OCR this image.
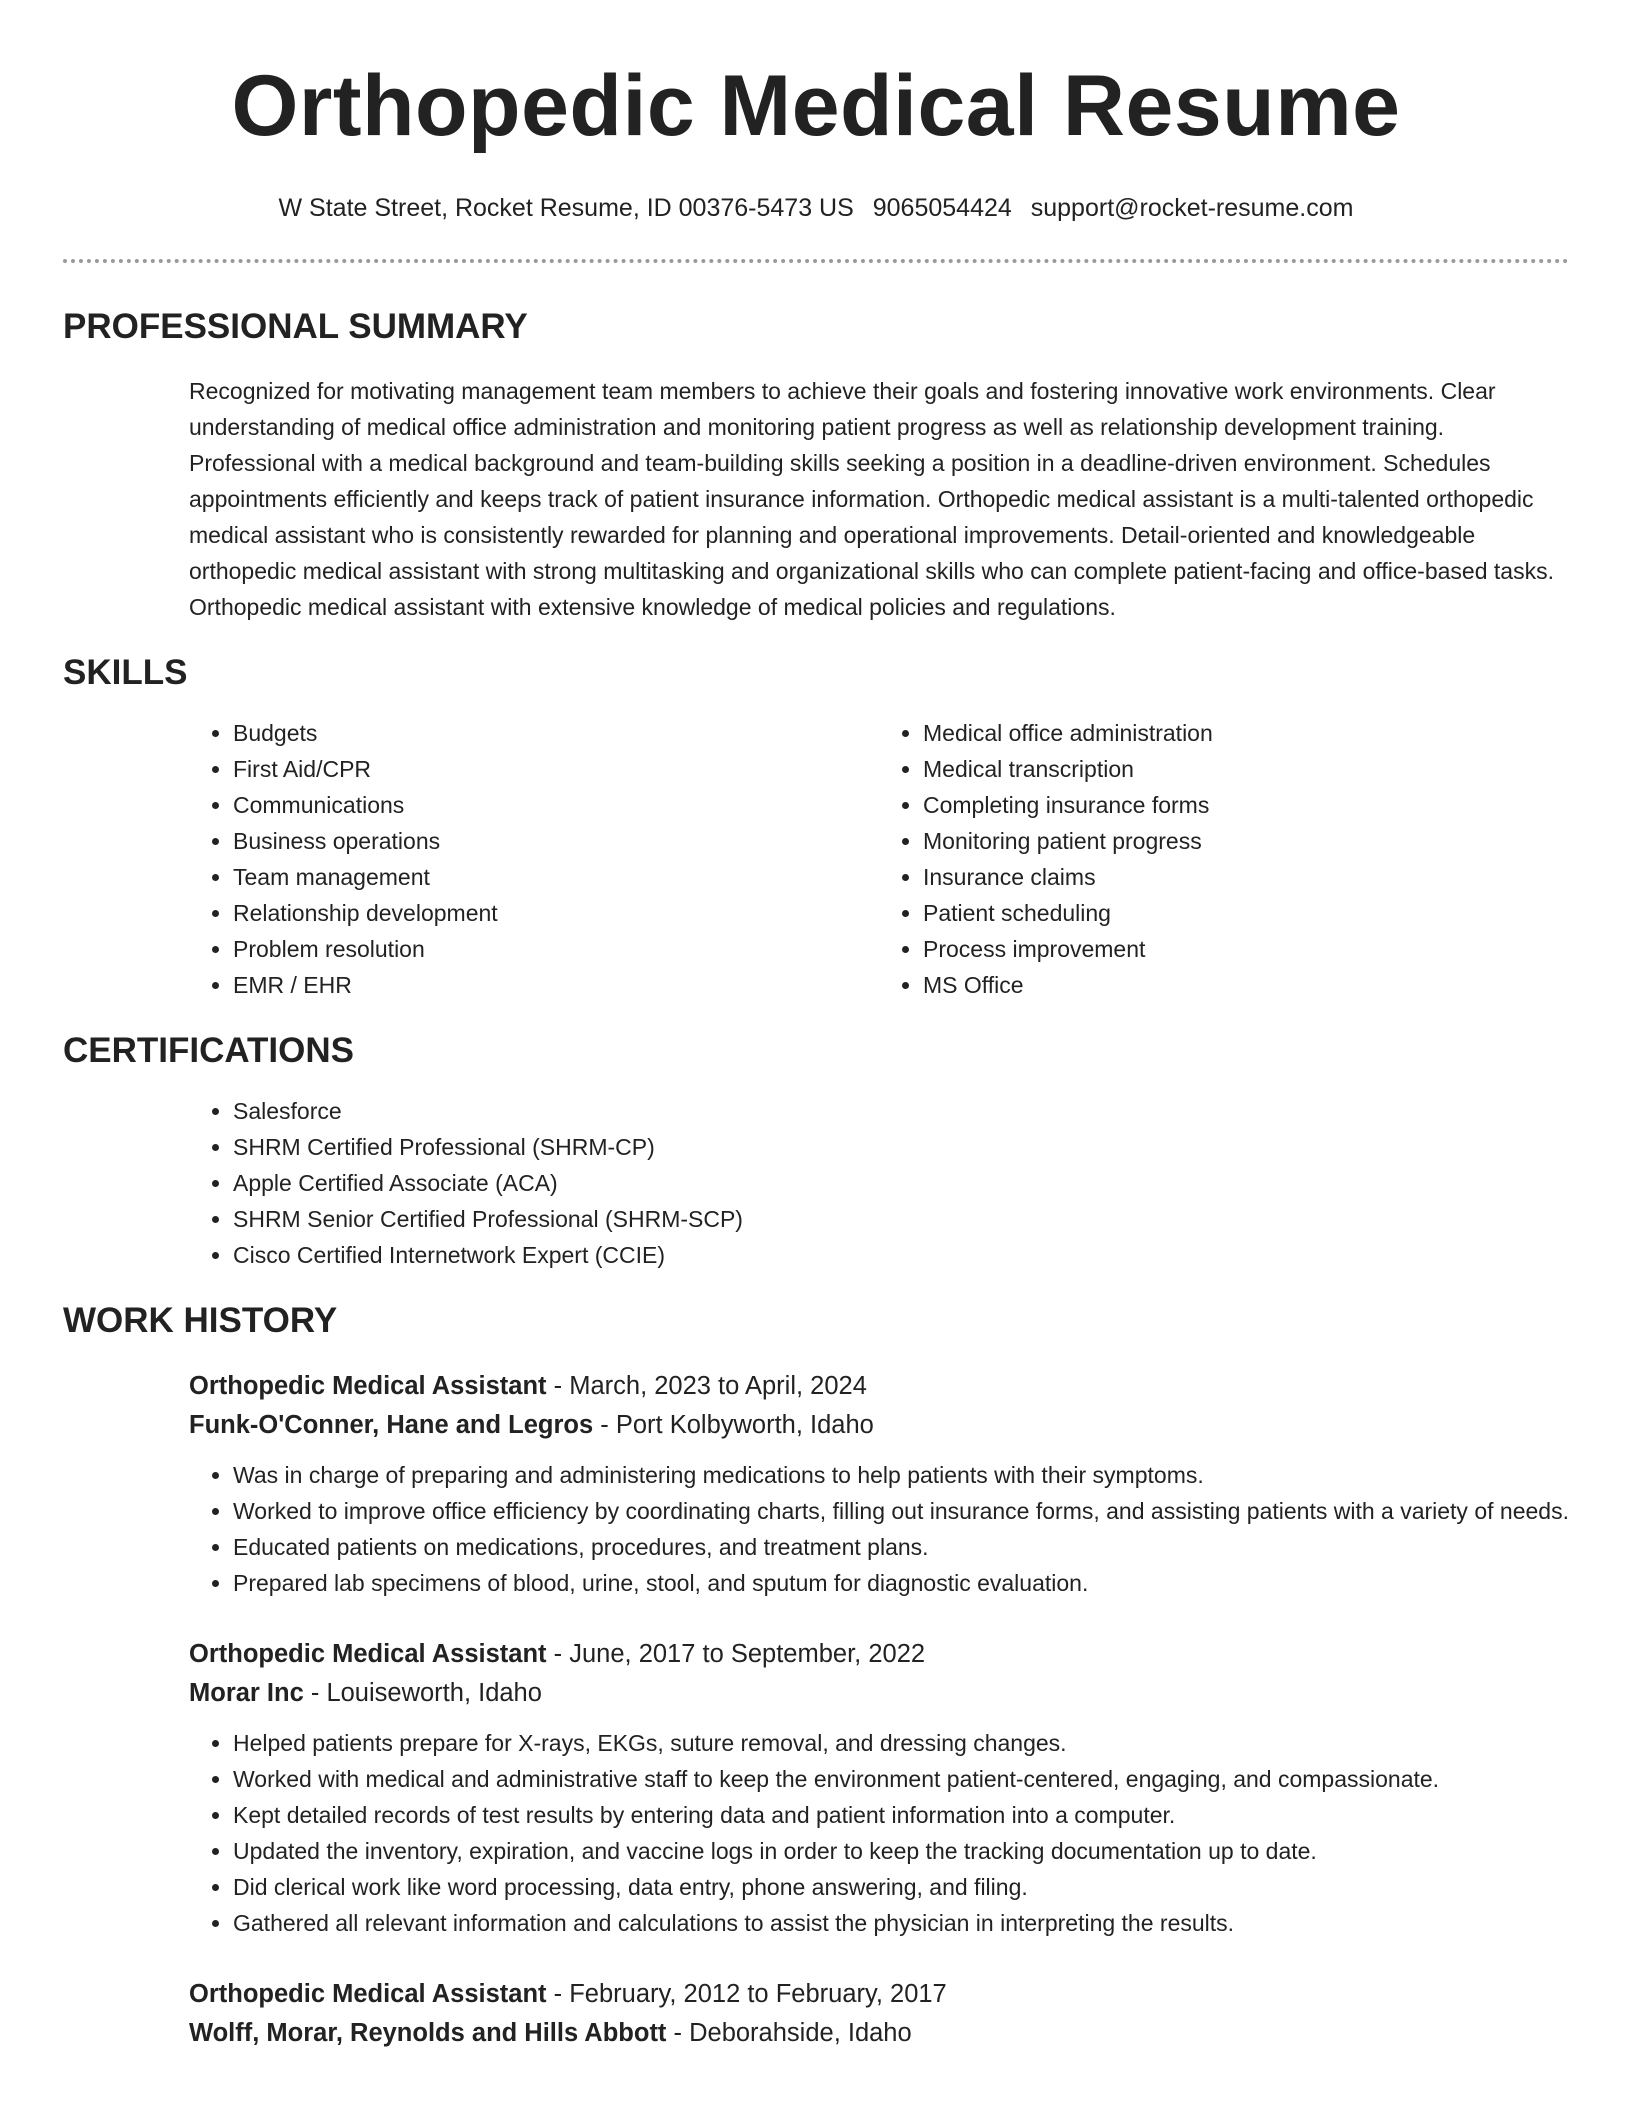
Orthopedic Medical Resume
W State Street, Rocket Resume, ID 00376-5473 US 9065054424 support@rocket-resume.com
PROFESSIONAL SUMMARY
Recognized for motivating management team members to achieve their goals and fostering innovative work environments. Clear understanding of medical office administration and monitoring patient progress as well as relationship development training. Professional with a medical background and team-building skills seeking a position in a deadline-driven environment. Schedules appointments efficiently and keeps track of patient insurance information. Orthopedic medical assistant is a multi-talented orthopedic medical assistant who is consistently rewarded for planning and operational improvements. Detail-oriented and knowledgeable orthopedic medical assistant with strong multitasking and organizational skills who can complete patient-facing and office-based tasks. Orthopedic medical assistant with extensive knowledge of medical policies and regulations.
SKILLS
• Budgets
• First Aid/CPR
• Communications
• Business operations
• Team management
• Relationship development
• Problem resolution
• EMR / EHR
• Medical office administration
• Medical transcription
• Completing insurance forms
• Monitoring patient progress
• Insurance claims
• Patient scheduling
• Process improvement
• MS Office
CERTIFICATIONS
• Salesforce
• SHRM Certified Professional (SHRM-CP)
• Apple Certified Associate (ACA)
• SHRM Senior Certified Professional (SHRM-SCP)
• Cisco Certified Internetwork Expert (CCIE)
WORK HISTORY
Orthopedic Medical Assistant - March, 2023 to April, 2024
Funk-O'Conner, Hane and Legros - Port Kolbyworth, Idaho
• Was in charge of preparing and administering medications to help patients with their symptoms.
• Worked to improve office efficiency by coordinating charts, filling out insurance forms, and assisting patients with a variety of needs.
• Educated patients on medications, procedures, and treatment plans.
• Prepared lab specimens of blood, urine, stool, and sputum for diagnostic evaluation.
Orthopedic Medical Assistant - June, 2017 to September, 2022
Morar Inc - Louiseworth, Idaho
• Helped patients prepare for X-rays, EKGs, suture removal, and dressing changes.
• Worked with medical and administrative staff to keep the environment patient-centered, engaging, and compassionate.
• Kept detailed records of test results by entering data and patient information into a computer.
• Updated the inventory, expiration, and vaccine logs in order to keep the tracking documentation up to date.
• Did clerical work like word processing, data entry, phone answering, and filing.
• Gathered all relevant information and calculations to assist the physician in interpreting the results.
Orthopedic Medical Assistant - February, 2012 to February, 2017
Wolff, Morar, Reynolds and Hills Abbott - Deborahside, Idaho
